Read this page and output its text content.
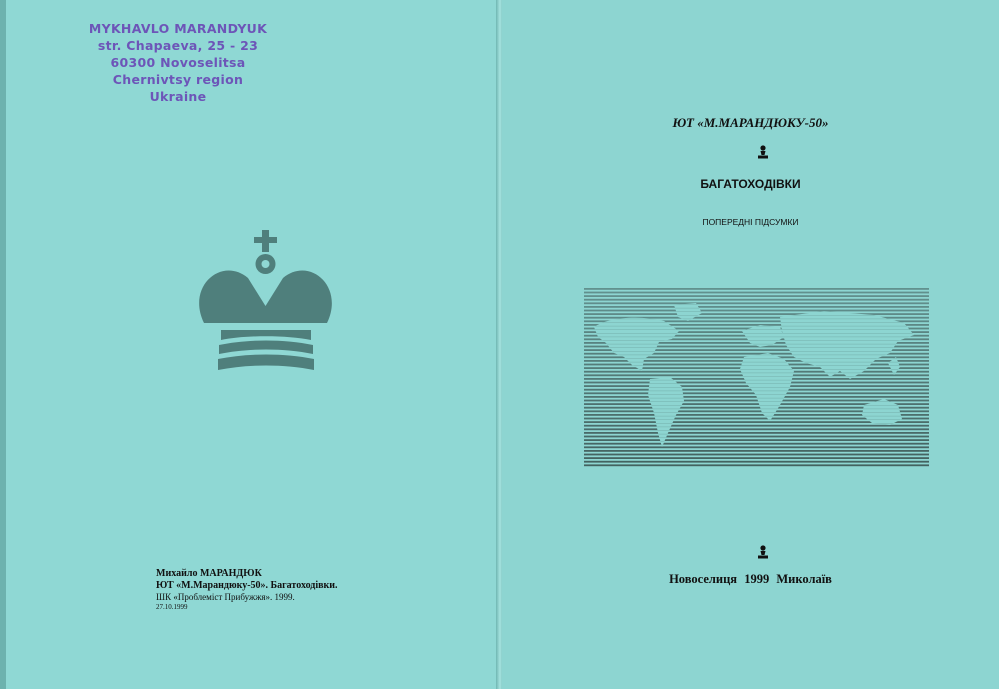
MYKHAVLO MARANDYUK
str. Chapaeva, 25 - 23
60300 Novoselitsa
Chernivtsy region
Ukraine
Михайло МАРАНДЮК
ЮТ «М.Марандюку-50». Багатоходівки.
ШК «Проблеміст Прибужжя». 1999.
27.10.1999
ЮТ «М.МАРАНДЮКУ-50»
БАГАТОХОДІВКИ
ПОПЕРЕДНІ ПІДСУМКИ
Новоселиця 1999 Миколаїв
